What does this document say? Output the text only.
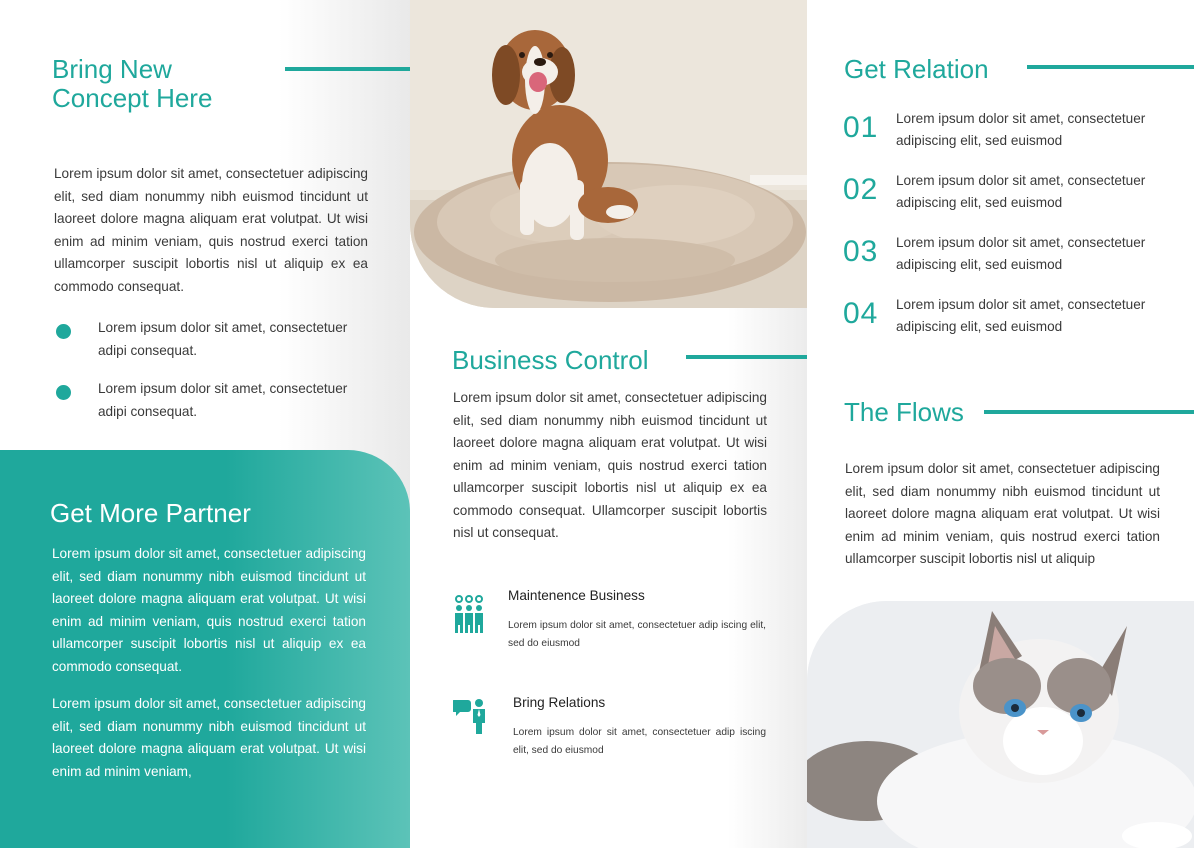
Bring New
Concept Here

Lorem ipsum dolor sit amet, consectetuer adipiscing elit, sed diam nonummy nibh euismod tincidunt ut laoreet dolore magna aliquam erat volutpat. Ut wisi enim ad minim veniam, quis nostrud exerci tation ullamcorper suscipit lobortis nisl ut aliquip ex ea commodo consequat.

Lorem ipsum dolor sit amet, consectetuer adipi consequat.

Lorem ipsum dolor sit amet, consectetuer adipi consequat.

Get More Partner

Lorem ipsum dolor sit amet, consectetuer adipiscing elit, sed diam nonummy nibh euismod tincidunt ut laoreet dolore magna aliquam erat volutpat. Ut wisi enim ad minim veniam, quis nostrud exerci tation ullamcorper suscipit lobortis nisl ut aliquip ex ea commodo consequat.

Lorem ipsum dolor sit amet, consectetuer adipiscing elit, sed diam nonummy nibh euismod tincidunt ut laoreet dolore magna aliquam erat volutpat. Ut wisi enim ad minim veniam,

Business Control

Lorem ipsum dolor sit amet, consectetuer adipiscing elit, sed diam nonummy nibh euismod tincidunt ut laoreet dolore magna aliquam erat volutpat. Ut wisi enim ad minim veniam, quis nostrud exerci tation ullamcorper suscipit lobortis nisl ut aliquip ex ea commodo consequat. Ullamcorper suscipit lobortis nisl ut consequat.

Maintenence Business

Lorem ipsum dolor sit amet, consectetuer adip iscing elit, sed do eiusmod

Bring Relations

Lorem ipsum dolor sit amet, consectetuer adip iscing elit, sed do eiusmod

Get Relation

01 Lorem ipsum dolor sit amet, consectetuer adipiscing elit, sed euismod

02 Lorem ipsum dolor sit amet, consectetuer adipiscing elit, sed euismod

03 Lorem ipsum dolor sit amet, consectetuer adipiscing elit, sed euismod

04 Lorem ipsum dolor sit amet, consectetuer adipiscing elit, sed euismod

The Flows

Lorem ipsum dolor sit amet, consectetuer adipiscing elit, sed diam nonummy nibh euismod tincidunt ut laoreet dolore magna aliquam erat volutpat. Ut wisi enim ad minim veniam, quis nostrud exerci tation ullamcorper suscipit lobortis nisl ut aliquip
